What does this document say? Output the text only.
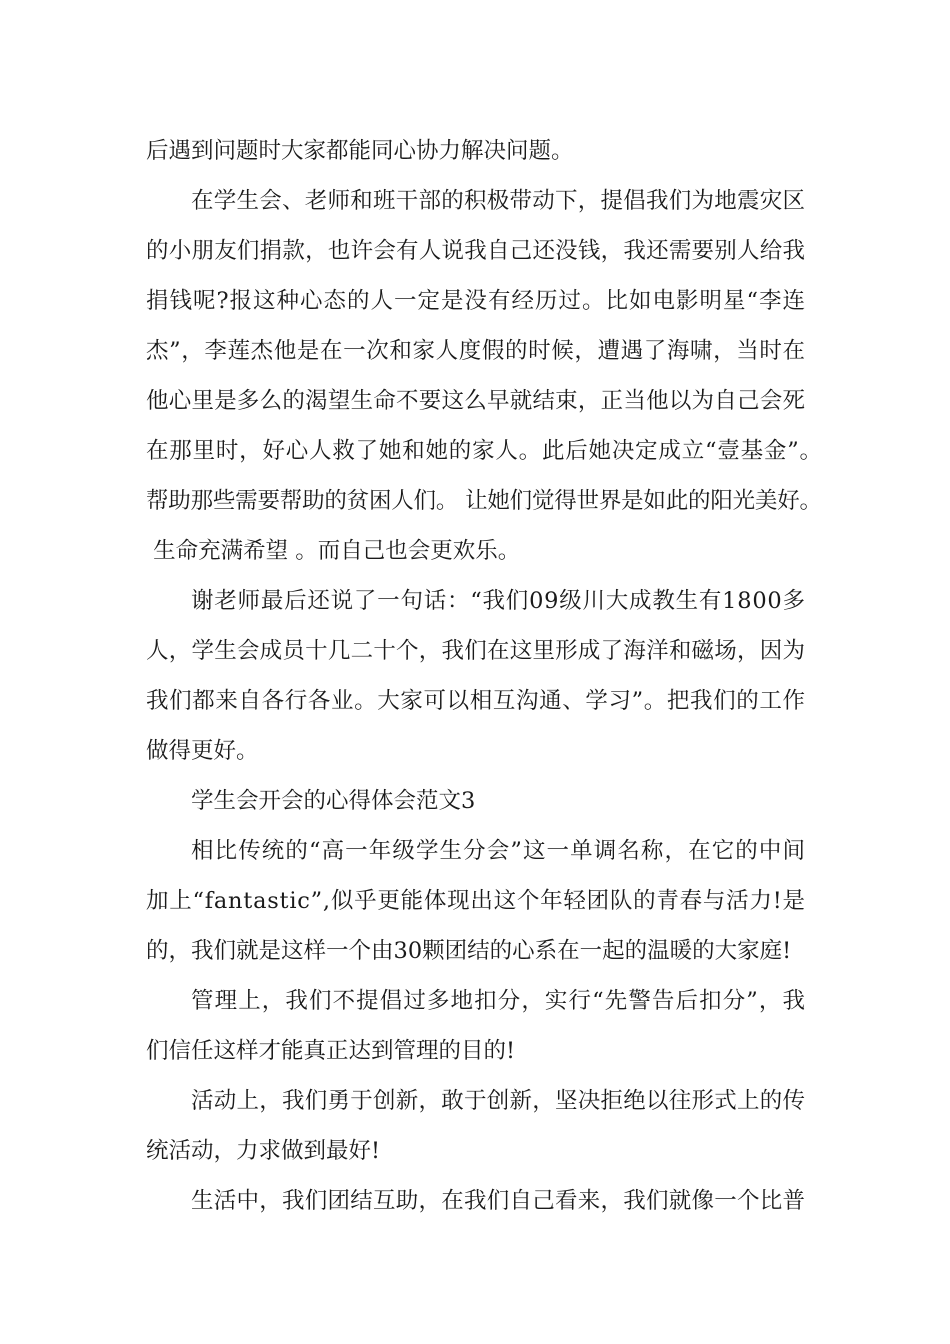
后遇到问题时大家都能同心协力解决问题。
在学生会、老师和班干部的积极带动下，提倡我们为地震灾区
的小朋友们捐款，也许会有人说我自己还没钱，我还需要别人给我
捐钱呢?报这种心态的人一定是没有经历过。比如电影明星“李连
杰”，李莲杰他是在一次和家人度假的时候，遭遇了海啸，当时在
他心里是多么的渴望生命不要这么早就结束，正当他以为自己会死
在那里时，好心人救了她和她的家人。此后她决定成立“壹基金”。
帮助那些需要帮助的贫困人们。 让她们觉得世界是如此的阳光美好。
生命充满希望 。而自己也会更欢乐。
谢老师最后还说了一句话：“我们09级川大成教生有1800多
人，学生会成员十几二十个，我们在这里形成了海洋和磁场，因为
我们都来自各行各业。大家可以相互沟通、学习”。把我们的工作
做得更好。
学生会开会的心得体会范文3
相比传统的“高一年级学生分会”这一单调名称，在它的中间
加上“fantastic”,似乎更能体现出这个年轻团队的青春与活力!是
的，我们就是这样一个由30颗团结的心系在一起的温暖的大家庭!
管理上，我们不提倡过多地扣分，实行“先警告后扣分”，我
们信任这样才能真正达到管理的目的!
活动上，我们勇于创新，敢于创新，坚决拒绝以往形式上的传
统活动，力求做到最好!
生活中，我们团结互助，在我们自己看来，我们就像一个比普
